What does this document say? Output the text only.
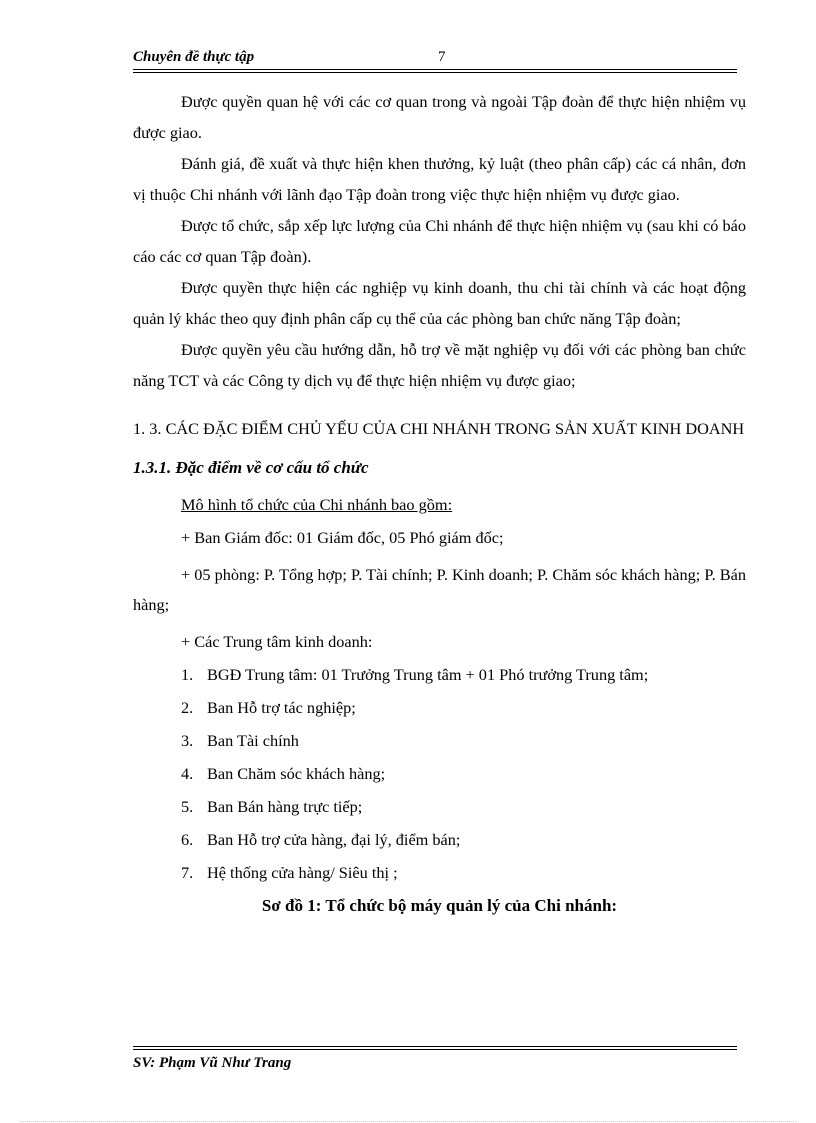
Chuyên đề thực tập	7

Được quyền quan hệ với các cơ quan trong và ngoài Tập đoàn để thực hiện nhiệm vụ được giao.

Đánh giá, đề xuất và thực hiện khen thưởng, kỷ luật (theo phân cấp) các cá nhân, đơn vị thuộc Chi nhánh với lãnh đạo Tập đoàn trong việc thực hiện nhiệm vụ được giao.

Được tổ chức, sắp xếp lực lượng của Chi nhánh để thực hiện nhiệm vụ (sau khi có báo cáo các cơ quan Tập đoàn).

Được quyền thực hiện các nghiệp vụ kinh doanh, thu chi tài chính và các hoạt động quản lý khác theo quy định phân cấp cụ thể của các phòng ban chức năng Tập đoàn;

Được quyền yêu cầu hướng dẫn, hỗ trợ về mặt nghiệp vụ đối với các phòng ban chức năng TCT và các Công ty dịch vụ để thực hiện nhiệm vụ được giao;

1. 3. CÁC ĐẶC ĐIỂM CHỦ YẾU CỦA CHI NHÁNH TRONG SẢN XUẤT KINH DOANH

1.3.1. Đặc điểm về cơ cấu tổ chức

Mô hình tổ chức của Chi nhánh bao gồm:

+ Ban Giám đốc: 01 Giám đốc, 05 Phó giám đốc;

+ 05 phòng: P. Tổng hợp; P. Tài chính; P. Kinh doanh; P. Chăm sóc khách hàng; P. Bán hàng;

+ Các Trung tâm kinh doanh:

1. BGĐ Trung tâm: 01 Trưởng Trung tâm + 01 Phó trưởng Trung tâm;
2. Ban Hỗ trợ tác nghiệp;
3. Ban Tài chính
4. Ban Chăm sóc khách hàng;
5. Ban Bán hàng trực tiếp;
6. Ban Hỗ trợ cửa hàng, đại lý, điểm bán;
7. Hệ thống cửa hàng/ Siêu thị ;

Sơ đồ 1: Tổ chức bộ máy quản lý của Chi nhánh:

SV: Phạm Vũ Như Trang
